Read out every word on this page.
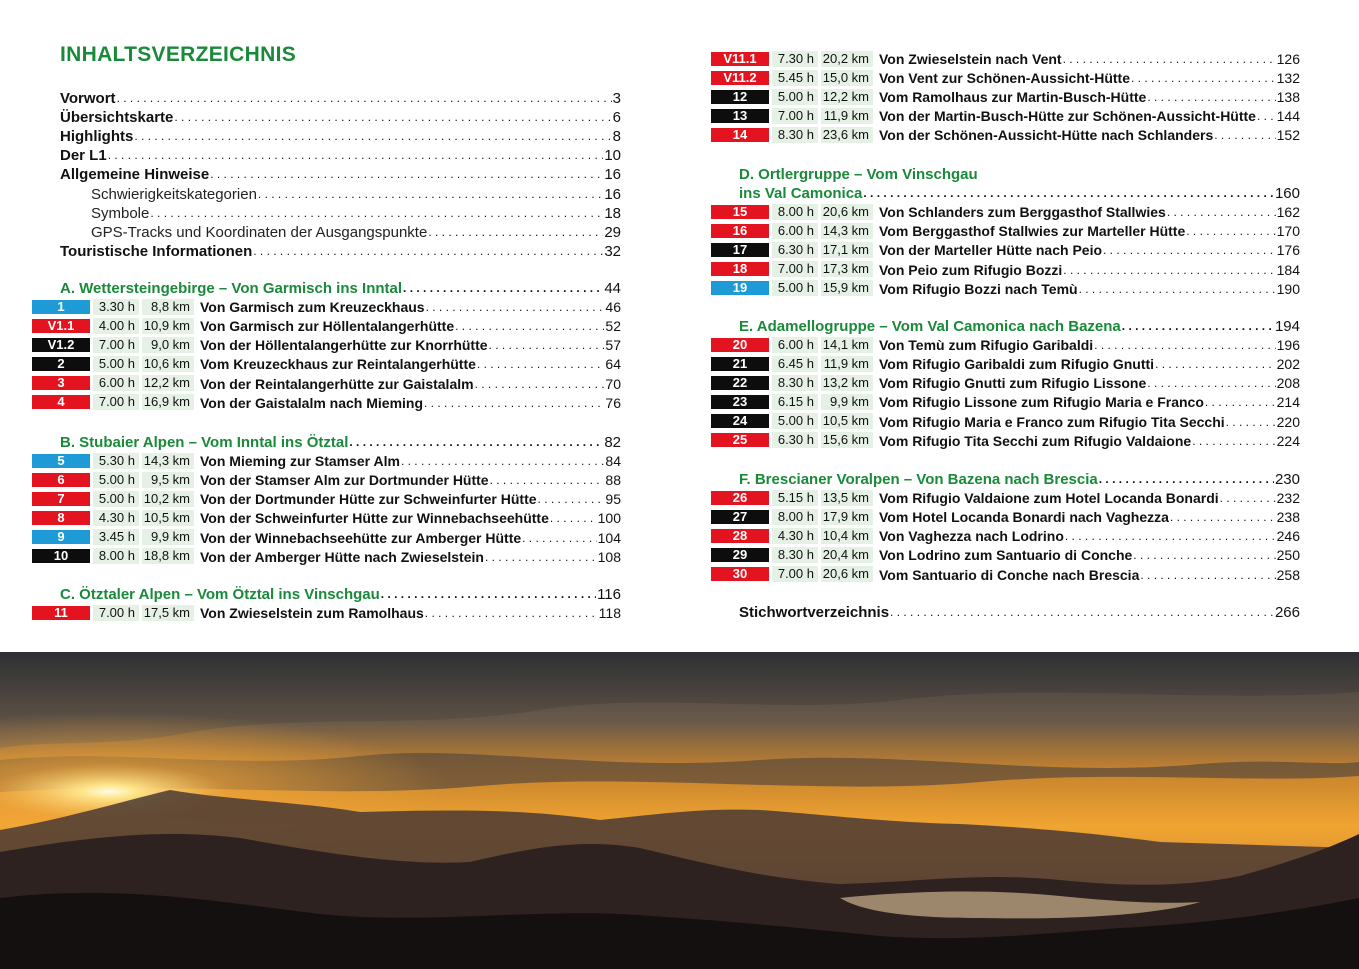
INHALTSVERZEICHNIS
Vorwort . . .	3
Übersichtskarte . . .	6
Highlights . . .	8
Der L1 . . .	10
Allgemeine Hinweise . . .	16
Schwierigkeitskategorien . . .	16
Symbole . . .	18
GPS-Tracks und Koordinaten der Ausgangspunkte . . .	29
Touristische Informationen . . .	32
A. Wettersteingebirge – Von Garmisch ins Inntal . . .	44
1	3.30 h	8,8 km Von Garmisch zum Kreuzeckhaus . . .	46
V1.1	4.00 h 10,9 km Von Garmisch zur Höllentalangerhütte . . .	52
V1.2	7.00 h	9,0 km Von der Höllentalangerhütte zur Knorrhütte . . .	57
2	5.00 h 10,6 km Vom Kreuzeckhaus zur Reintalangerhütte . . .	64
3	6.00 h 12,2 km Von der Reintalangerhütte zur Gaistalalm . . .	70
4	7.00 h 16,9 km Von der Gaistalalm nach Mieming . . .	76
B. Stubaier Alpen – Vom Inntal ins Ötztal . . .	82
5	5.30 h 14,3 km Von Mieming zur Stamser Alm . . .	84
6	5.00 h	9,5 km Von der Stamser Alm zur Dortmunder Hütte . . .	88
7	5.00 h 10,2 km Von der Dortmunder Hütte zur Schweinfurter Hütte . . .	95
8	4.30 h 10,5 km Von der Schweinfurter Hütte zur Winnebachseehütte . . .	100
9	3.45 h	9,9 km Von der Winnebachseehütte zur Amberger Hütte . . .	104
10	8.00 h 18,8 km Von der Amberger Hütte nach Zwieselstein . . .	108
C. Ötztaler Alpen – Vom Ötztal ins Vinschgau . . .	116
11	7.00 h 17,5 km Von Zwieselstein zum Ramolhaus . . .	118
V11.1	7.30 h 20,2 km Von Zwieselstein nach Vent . . .	126
V11.2	5.45 h 15,0 km Von Vent zur Schönen-Aussicht-Hütte . . .	132
12	5.00 h 12,2 km Vom Ramolhaus zur Martin-Busch-Hütte . . .	138
13	7.00 h 11,9 km Von der Martin-Busch-Hütte zur Schönen-Aussicht-Hütte . . . 144
14	8.30 h 23,6 km Von der Schönen-Aussicht-Hütte nach Schlanders . . .	152
D. Ortlergruppe – Vom Vinschgau
ins Val Camonica . . .	160
15	8.00 h 20,6 km Von Schlanders zum Berggasthof Stallwies . . .	162
16	6.00 h 14,3 km Vom Berggasthof Stallwies zur Marteller Hütte . . .	170
17	6.30 h 17,1 km Von der Marteller Hütte nach Peio . . .	176
18	7.00 h 17,3 km Von Peio zum Rifugio Bozzi . . .	184
19	5.00 h 15,9 km Vom Rifugio Bozzi nach Temù . . .	190
E. Adamellogruppe – Vom Val Camonica nach Bazena . . .	194
20	6.00 h 14,1 km Von Temù zum Rifugio Garibaldi . . .	196
21	6.45 h 11,9 km Vom Rifugio Garibaldi zum Rifugio Gnutti . . .	202
22	8.30 h 13,2 km Vom Rifugio Gnutti zum Rifugio Lissone . . .	208
23	6.15 h	9,9 km Vom Rifugio Lissone zum Rifugio Maria e Franco . . .	214
24	5.00 h 10,5 km Vom Rifugio Maria e Franco zum Rifugio Tita Secchi . . .	220
25	6.30 h 15,6 km Vom Rifugio Tita Secchi zum Rifugio Valdaione . . .	224
F. Brescianer Voralpen – Von Bazena nach Brescia . . .	230
26	5.15 h 13,5 km Vom Rifugio Valdaione zum Hotel Locanda Bonardi . . .	232
27	8.00 h 17,9 km Vom Hotel Locanda Bonardi nach Vaghezza . . .	238
28	4.30 h 10,4 km Von Vaghezza nach Lodrino . . .	246
29	8.30 h 20,4 km Von Lodrino zum Santuario di Conche . . .	250
30	7.00 h 20,6 km Vom Santuario di Conche nach Brescia . . .	258
Stichwortverzeichnis . . .	266
